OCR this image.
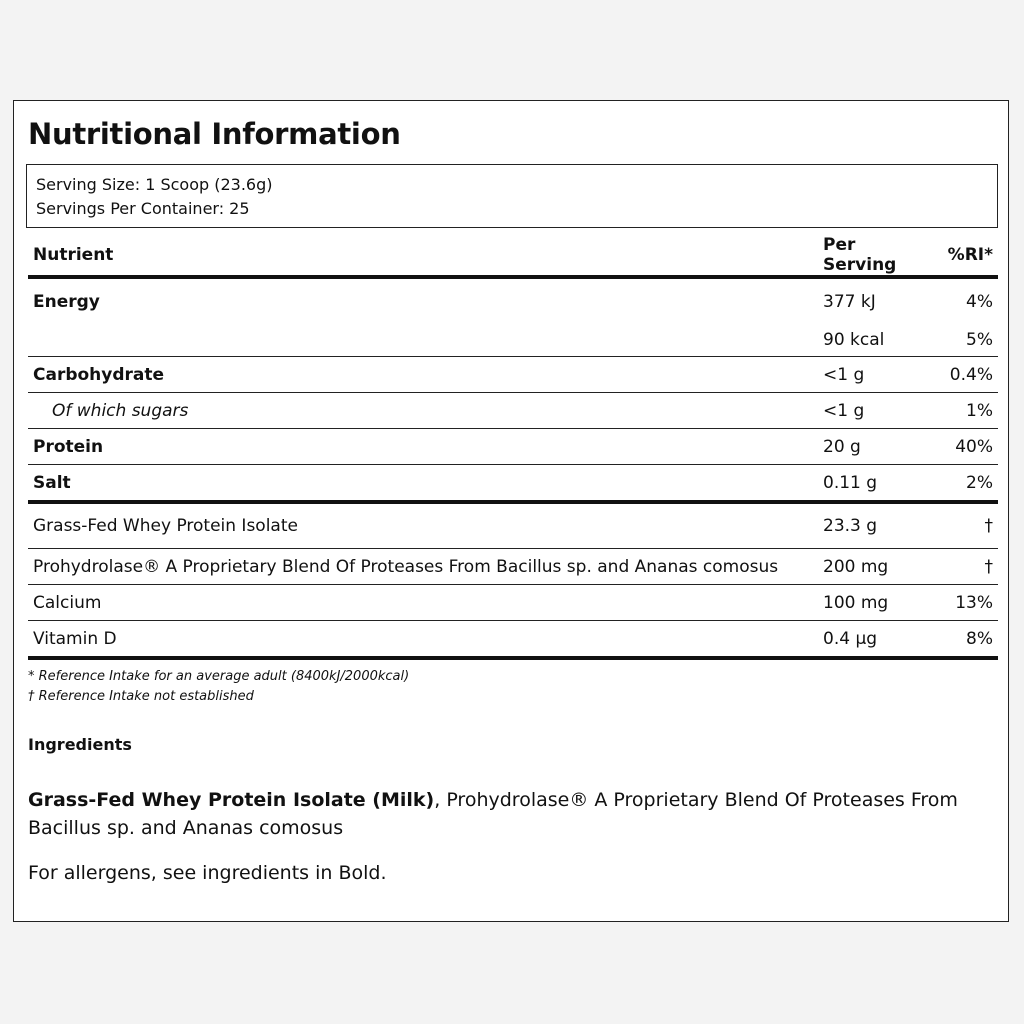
Nutritional Information
Serving Size: 1 Scoop (23.6g)
Servings Per Container: 25
Nutrient	Per Serving	%RI*
Energy	377 kJ	4%
	90 kcal	5%
Carbohydrate	<1 g	0.4%
Of which sugars	<1 g	1%
Protein	20 g	40%
Salt	0.11 g	2%
Grass-Fed Whey Protein Isolate	23.3 g	†
Prohydrolase® A Proprietary Blend Of Proteases From Bacillus sp. and Ananas comosus	200 mg	†
Calcium	100 mg	13%
Vitamin D	0.4 μg	8%
* Reference Intake for an average adult (8400kJ/2000kcal)
† Reference Intake not established
Ingredients
Grass-Fed Whey Protein Isolate (Milk), Prohydrolase® A Proprietary Blend Of Proteases From Bacillus sp. and Ananas comosus
For allergens, see ingredients in Bold.
